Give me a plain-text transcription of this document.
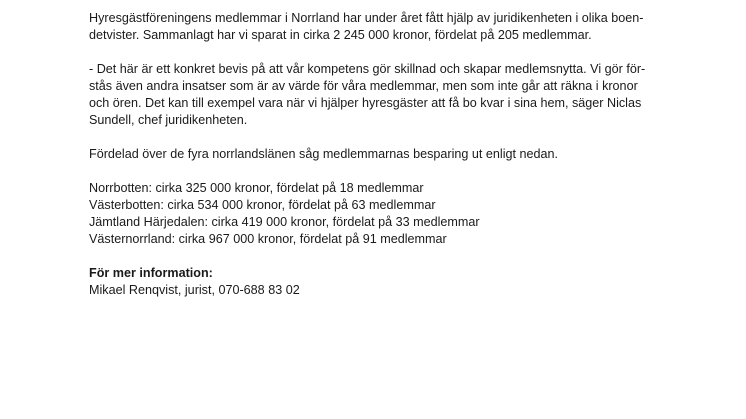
Hyresgästföreningens medlemmar i Norrland har under året fått hjälp av juridikenheten i olika boen-
detvister. Sammanlagt har vi sparat in cirka 2 245 000 kronor, fördelat på 205 medlemmar.

- Det här är ett konkret bevis på att vår kompetens gör skillnad och skapar medlemsnytta. Vi gör för-
stås även andra insatser som är av värde för våra medlemmar, men som inte går att räkna i kronor
och ören. Det kan till exempel vara när vi hjälper hyresgäster att få bo kvar i sina hem, säger Niclas
Sundell, chef juridikenheten.

Fördelad över de fyra norrlandslänen såg medlemmarnas besparing ut enligt nedan.

Norrbotten: cirka 325 000 kronor, fördelat på 18 medlemmar
Västerbotten: cirka 534 000 kronor, fördelat på 63 medlemmar
Jämtland Härjedalen: cirka 419 000 kronor, fördelat på 33 medlemmar
Västernorrland: cirka 967 000 kronor, fördelat på 91 medlemmar

För mer information:
Mikael Renqvist, jurist, 070-688 83 02
